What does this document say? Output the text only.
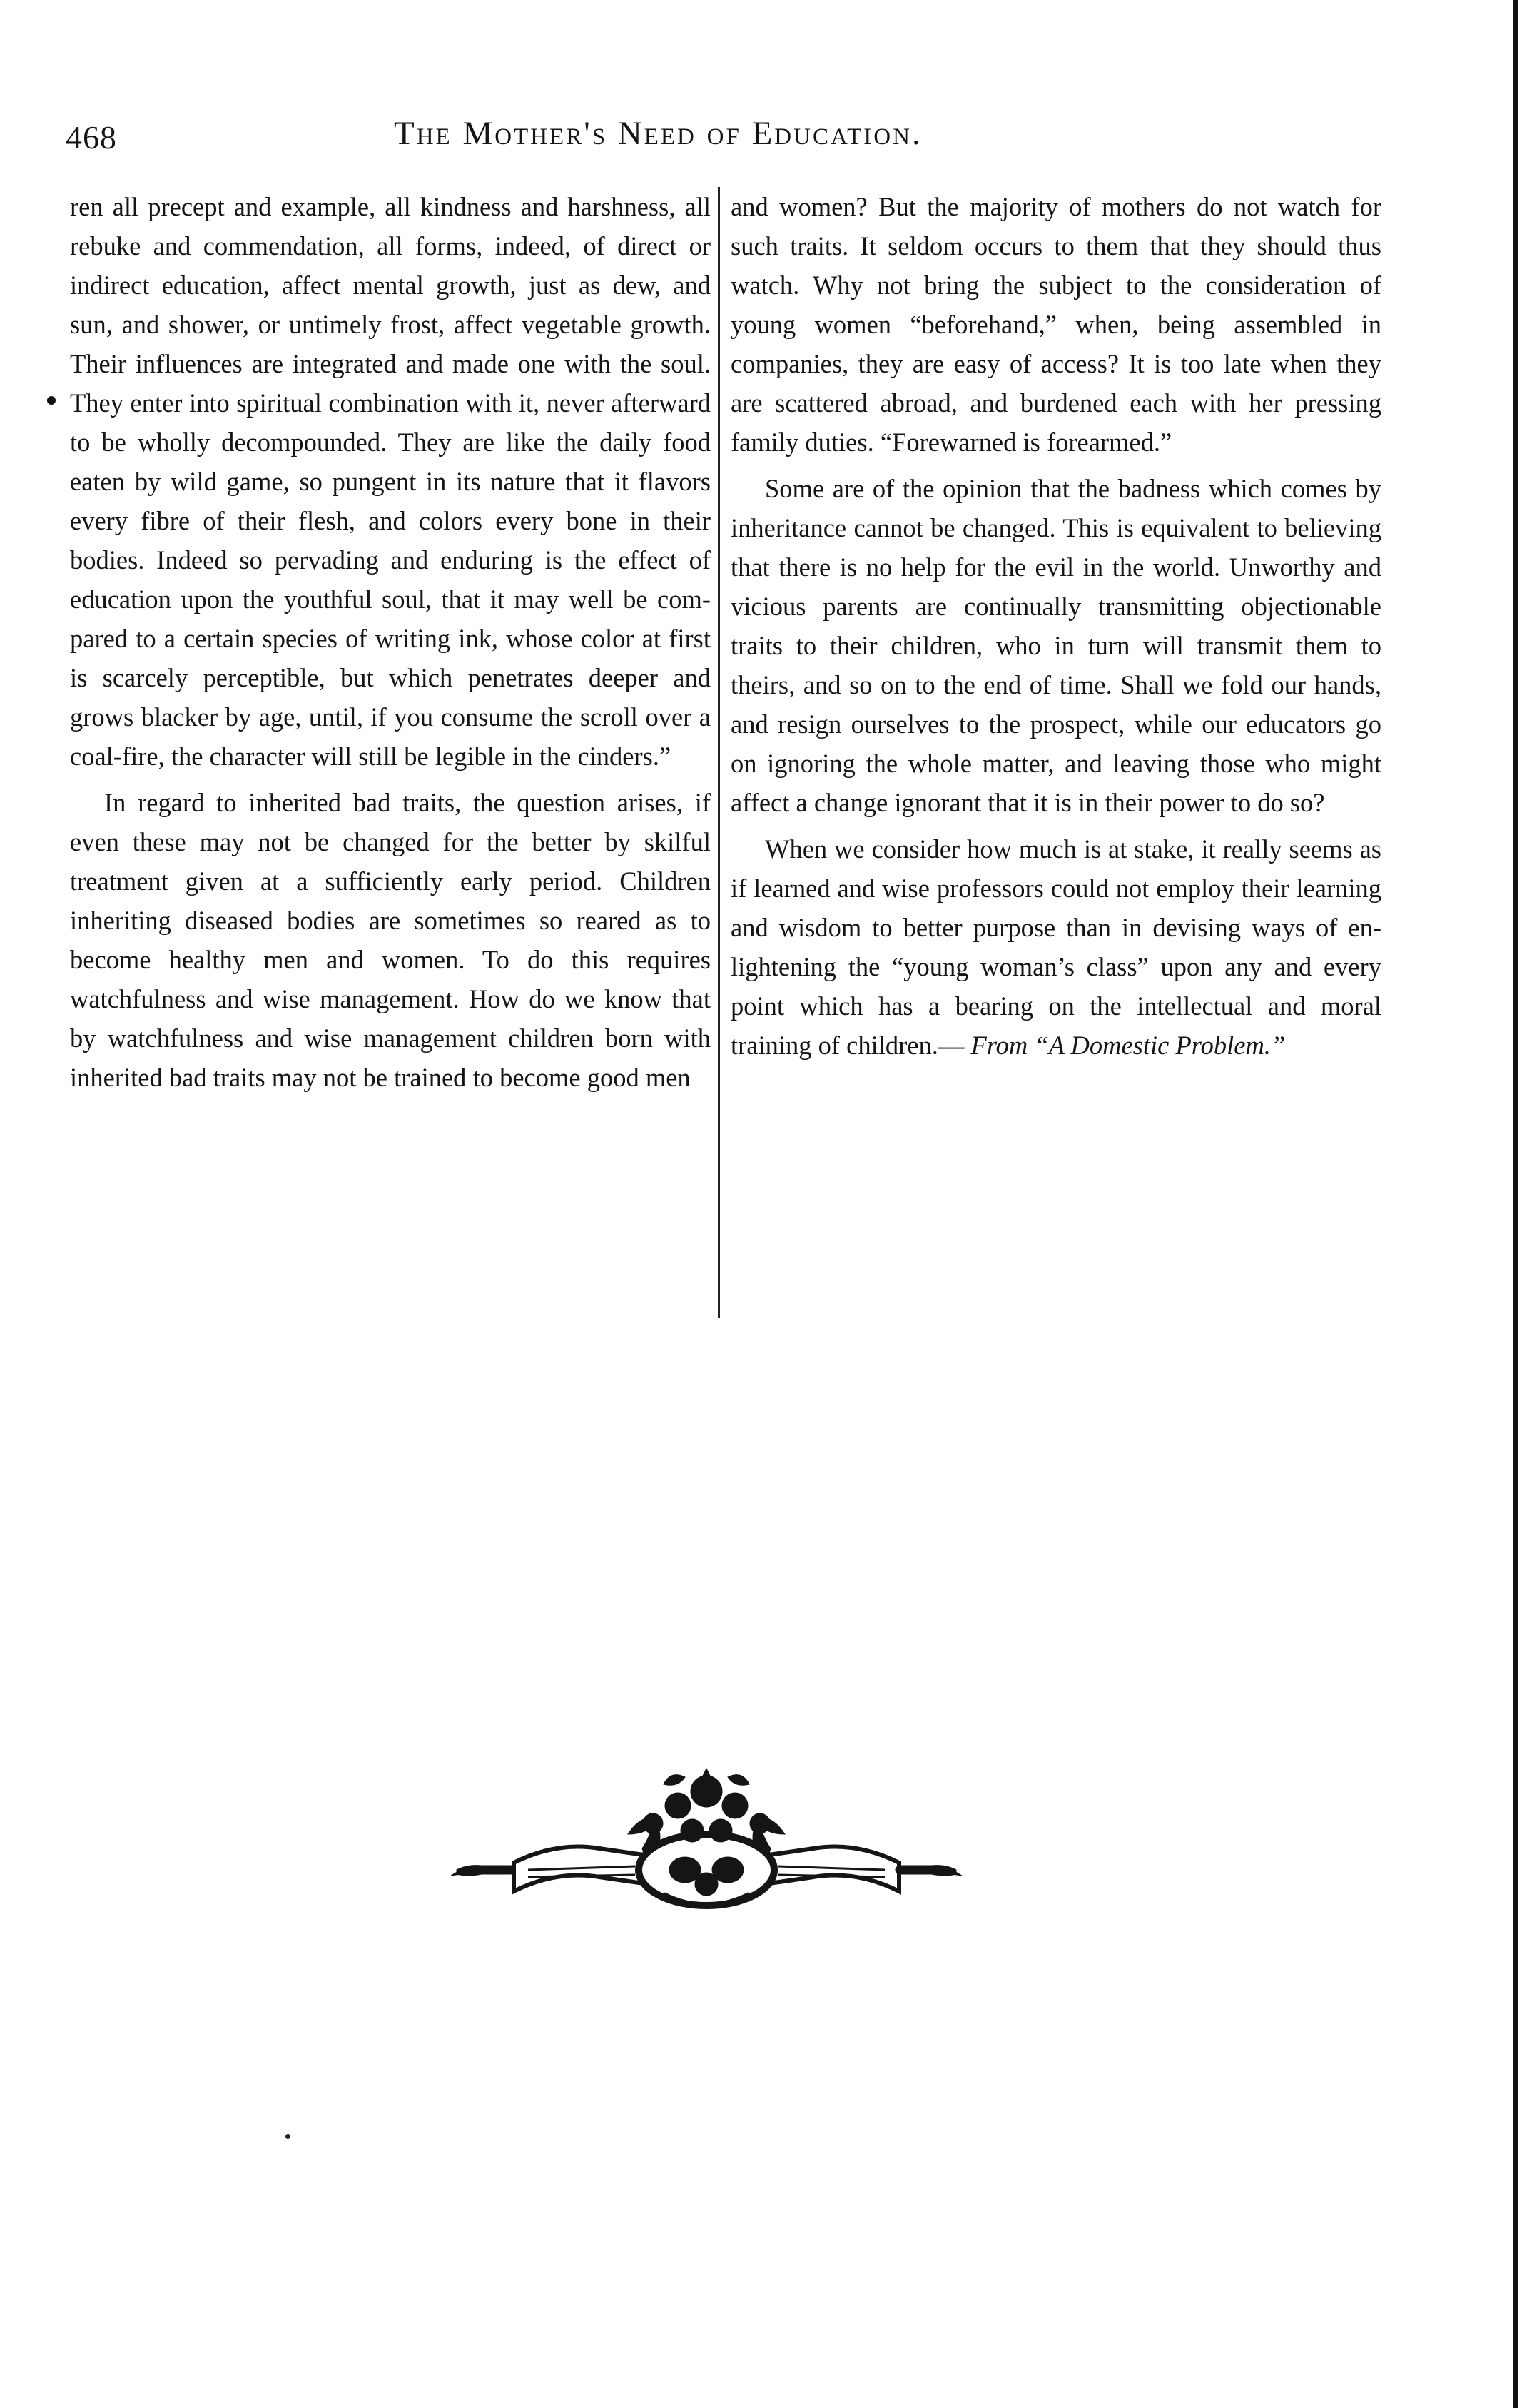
468	The Mother's Need of Education.

ren all precept and example, all kindness and harshness, all rebuke and commendation, all forms, indeed, of direct or indirect education, affect mental growth, just as dew, and sun, and shower, or untimely frost, affect vegetable growth. Their influences are integrated and made one with the soul. They enter into spiritual combination with it, never afterward to be wholly decompounded. They are like the daily food eaten by wild game, so pungent in its nature that it flavors every fibre of their flesh, and colors every bone in their bodies. Indeed so pervading and enduring is the effect of education upon the youthful soul, that it may well be compared to a certain species of writing ink, whose color at first is scarcely perceptible, but which penetrates deeper and grows blacker by age, until, if you consume the scroll over a coal-fire, the character will still be legible in the cinders.”

In regard to inherited bad traits, the question arises, if even these may not be changed for the better by skilful treatment given at a sufficiently early period. Children inheriting diseased bodies are sometimes so reared as to become healthy men and women. To do this requires watchfulness and wise management. How do we know that by watchfulness and wise management children born with inherited bad traits may not be trained to become good men

and women? But the majority of mothers do not watch for such traits. It seldom occurs to them that they should thus watch. Why not bring the subject to the consideration of young women “beforehand,” when, being assembled in companies, they are easy of access? It is too late when they are scattered abroad, and burdened each with her pressing family duties. “Forewarned is forearmed.”

Some are of the opinion that the badness which comes by inheritance cannot be changed. This is equivalent to believing that there is no help for the evil in the world. Unworthy and vicious parents are continually transmitting objectionable traits to their children, who in turn will transmit them to theirs, and so on to the end of time. Shall we fold our hands, and resign ourselves to the prospect, while our educators go on ignoring the whole matter, and leaving those who might affect a change ignorant that it is in their power to do so?

When we consider how much is at stake, it really seems as if learned and wise professors could not employ their learning and wisdom to better purpose than in devising ways of enlightening the “young woman’s class” upon any and every point which has a bearing on the intellectual and moral training of children.— From “A Domestic Problem.”
